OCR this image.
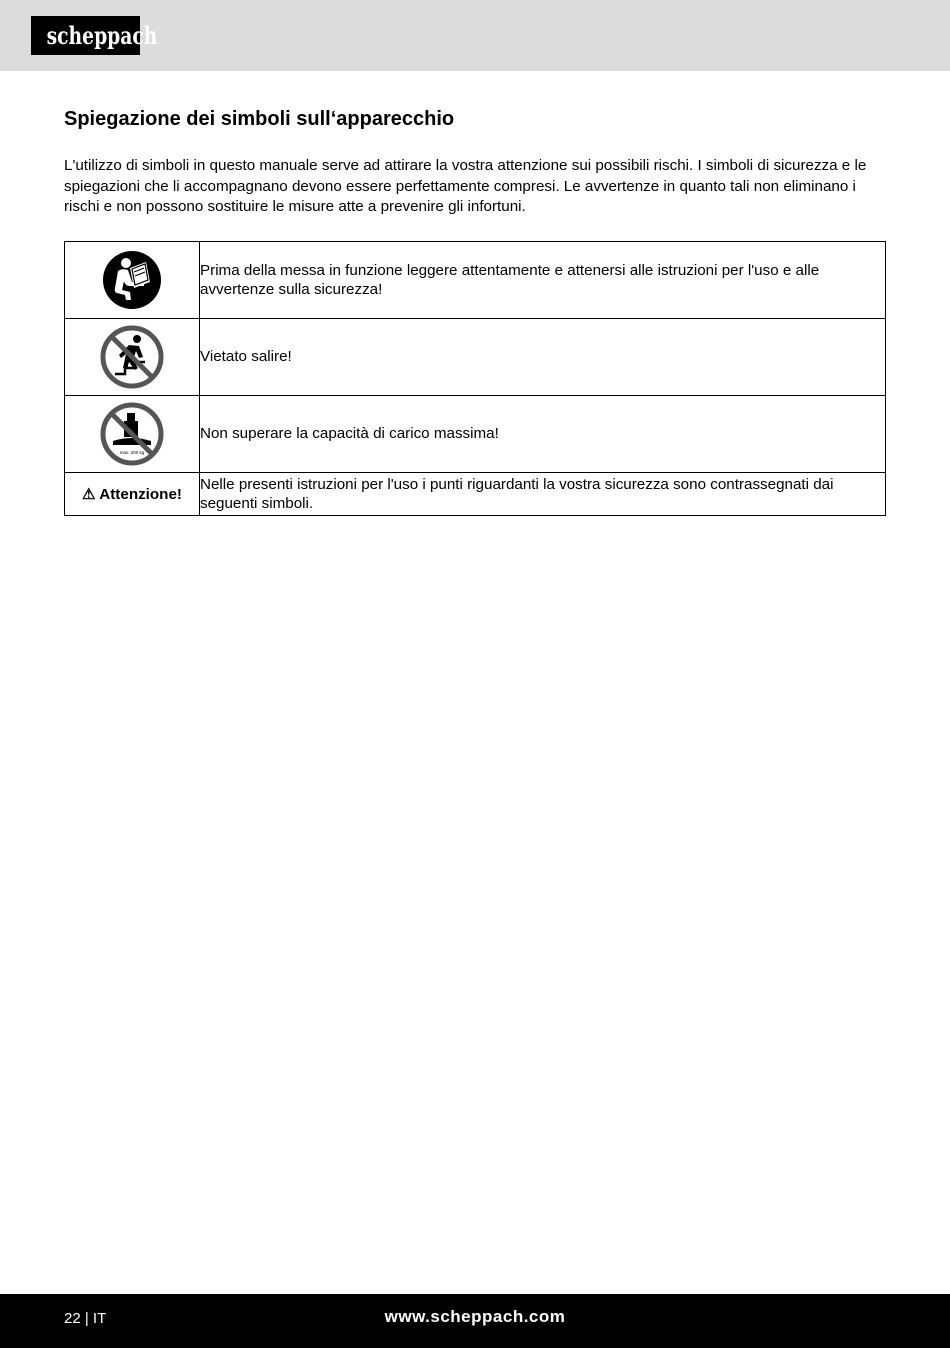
scheppach
Spiegazione dei simboli sull‘apparecchio

L'utilizzo di simboli in questo manuale serve ad attirare la vostra attenzione sui possibili rischi. I simboli di sicurezza e le spiegazioni che li accompagnano devono essere perfettamente compresi. Le avvertenze in quanto tali non eliminano i rischi e non possono sostituire le misure atte a prevenire gli infortuni.

	Prima della messa in funzione leggere attentamente e attenersi alle istruzioni per l'uso e alle avvertenze sulla sicurezza!

	Vietato salire!

max. 200 kg	Non superare la capacità di carico massima!
⚠ Attenzione!	Nelle presenti istruzioni per l'uso i punti riguardanti la vostra sicurezza sono contrassegnati dai seguenti simboli.
22 | IT	www.scheppach.com
